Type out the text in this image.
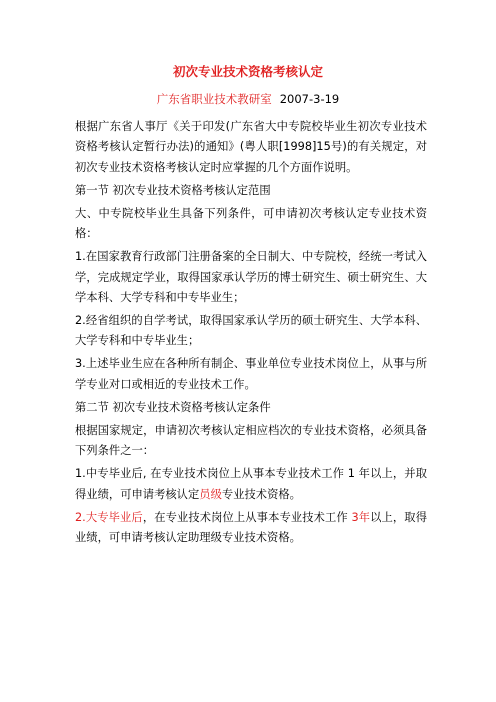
初次专业技术资格考核认定
广东省职业技术教研室 2007-3-19

根据广东省人事厅《关于印发(广东省大中专院校毕业生初次专业技术资格考核认定暂行办法)的通知》(粤人职[1998]15号)的有关规定，对初次专业技术资格考核认定时应掌握的几个方面作说明。

第一节 初次专业技术资格考核认定范围

大、中专院校毕业生具备下列条件，可申请初次考核认定专业技术资格：

1.在国家教育行政部门注册备案的全日制大、中专院校，经统一考试入学，完成规定学业，取得国家承认学历的博士研究生、硕士研究生、大学本科、大学专科和中专毕业生；

2.经省组织的自学考试，取得国家承认学历的硕士研究生、大学本科、大学专科和中专毕业生；

3.上述毕业生应在各种所有制企、事业单位专业技术岗位上，从事与所学专业对口或相近的专业技术工作。

第二节 初次专业技术资格考核认定条件

根据国家规定，申请初次考核认定相应档次的专业技术资格，必须具备下列条件之一：

1.中专毕业后, 在专业技术岗位上从事本专业技术工作 1 年以上，并取得业绩，可申请考核认定员级专业技术资格。

2.大专毕业后，在专业技术岗位上从事本专业技术工作 3年以上，取得业绩，可申请考核认定助理级专业技术资格。
